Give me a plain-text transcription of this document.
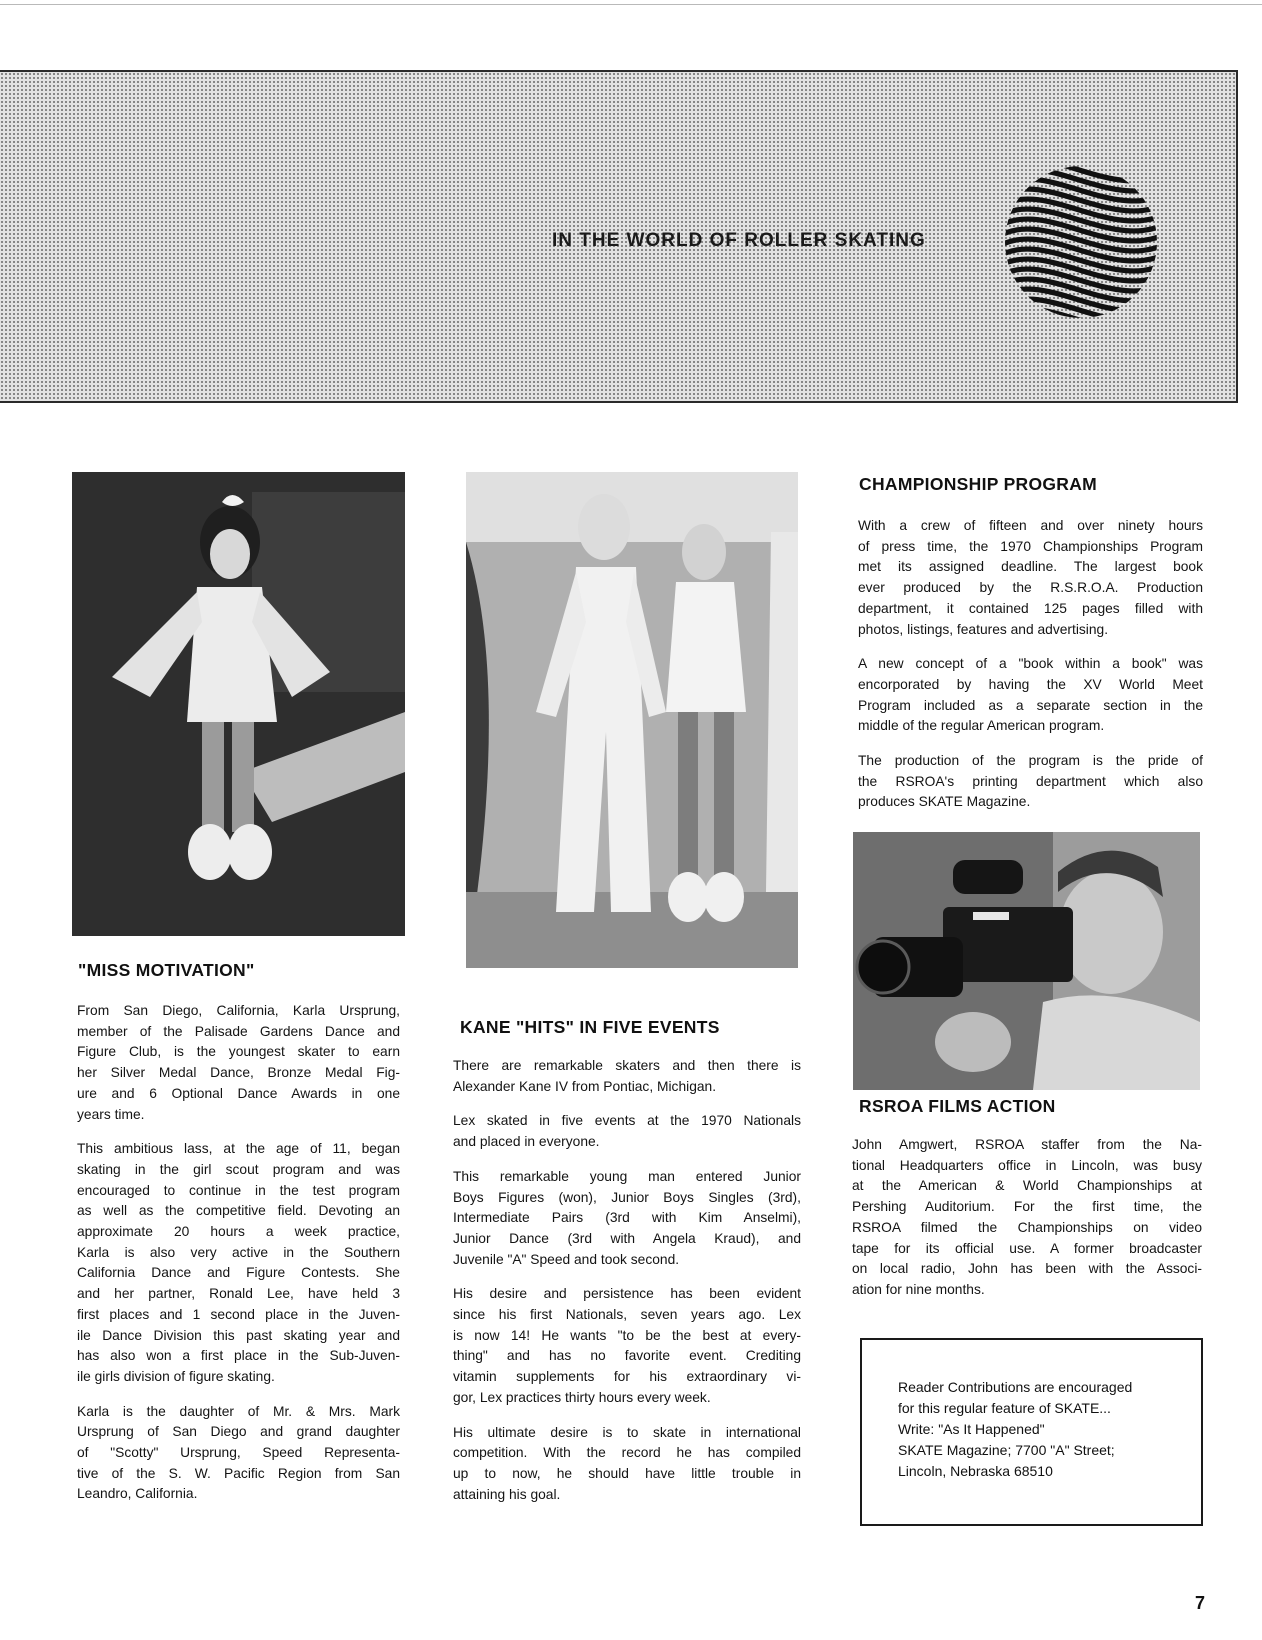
IN THE WORLD OF ROLLER SKATING
"MISS MOTIVATION"

From San Diego, California, Karla Ursprung,
member of the Palisade Gardens Dance and
Figure Club, is the youngest skater to earn
her Silver Medal Dance, Bronze Medal Fig-
ure and 6 Optional Dance Awards in one
years time.

This ambitious lass, at the age of 11, began
skating in the girl scout program and was
encouraged to continue in the test program
as well as the competitive field. Devoting an
approximate 20 hours a week practice,
Karla is also very active in the Southern
California Dance and Figure Contests. She
and her partner, Ronald Lee, have held 3
first places and 1 second place in the Juven-
ile Dance Division this past skating year and
has also won a first place in the Sub-Juven-
ile girls division of figure skating.

Karla is the daughter of Mr. & Mrs. Mark
Ursprung of San Diego and grand daughter
of "Scotty" Ursprung, Speed Representa-
tive of the S. W. Pacific Region from San
Leandro, California.

KANE "HITS" IN FIVE EVENTS

There are remarkable skaters and then there is
Alexander Kane IV from Pontiac, Michigan.

Lex skated in five events at the 1970 Nationals
and placed in everyone.

This remarkable young man entered Junior
Boys Figures (won), Junior Boys Singles (3rd),
Intermediate Pairs (3rd with Kim Anselmi),
Junior Dance (3rd with Angela Kraud), and
Juvenile "A" Speed and took second.

His desire and persistence has been evident
since his first Nationals, seven years ago. Lex
is now 14! He wants "to be the best at every-
thing" and has no favorite event. Crediting
vitamin supplements for his extraordinary vi-
gor, Lex practices thirty hours every week.

His ultimate desire is to skate in international
competition. With the record he has compiled
up to now, he should have little trouble in
attaining his goal.

CHAMPIONSHIP PROGRAM

With a crew of fifteen and over ninety hours
of press time, the 1970 Championships Program
met its assigned deadline. The largest book
ever produced by the R.S.R.O.A. Production
department, it contained 125 pages filled with
photos, listings, features and advertising.

A new concept of a "book within a book" was
encorporated by having the XV World Meet
Program included as a separate section in the
middle of the regular American program.

The production of the program is the pride of
the RSROA's printing department which also
produces SKATE Magazine.

RSROA FILMS ACTION

John Amgwert, RSROA staffer from the Na-
tional Headquarters office in Lincoln, was busy
at the American & World Championships at
Pershing Auditorium. For the first time, the
RSROA filmed the Championships on video
tape for its official use. A former broadcaster
on local radio, John has been with the Associ-
ation for nine months.

Reader Contributions are encouraged
for this regular feature of SKATE...
Write: "As It Happened"
SKATE Magazine; 7700 "A" Street;
Lincoln, Nebraska 68510
7
